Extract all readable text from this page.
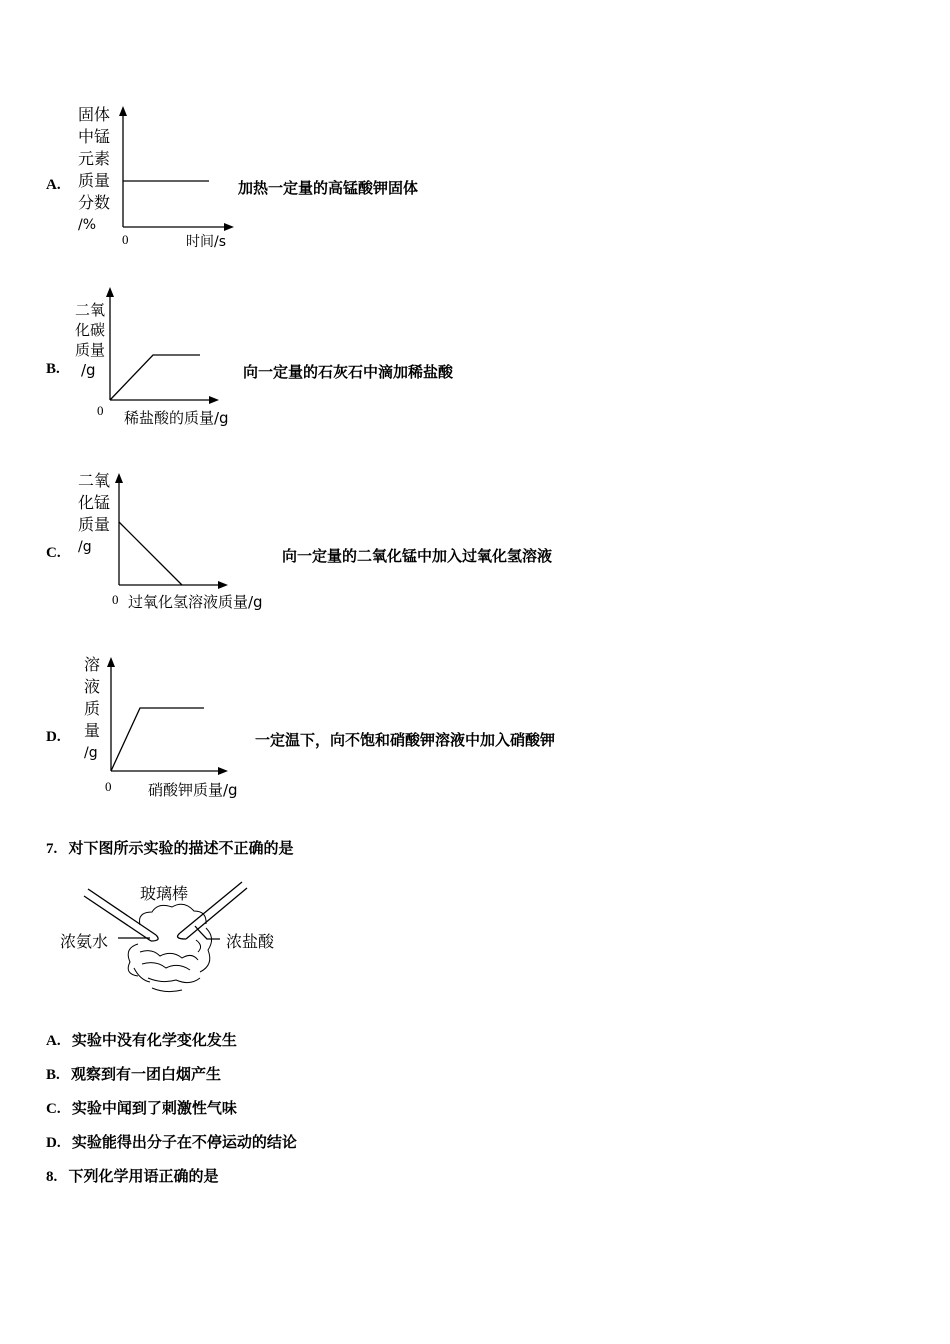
A.
固体
中锰
元素
质量
分数
/%
0	时间/s
加热一定量的高锰酸钾固体
B.
二氧
化碳
质量
/g
0 稀盐酸的质量/g
向一定量的石灰石中滴加稀盐酸
C.
二氧
化锰
质量
/g
0 过氧化氢溶液质量/g
向一定量的二氧化锰中加入过氧化氢溶液
D.
溶
液
质
量
/g
0 硝酸钾质量/g
一定温下，向不饱和硝酸钾溶液中加入硝酸钾
7. 对下图所示实验的描述不正确的是
玻璃棒
浓氨水	浓盐酸
A. 实验中没有化学变化发生
B. 观察到有一团白烟产生
C. 实验中闻到了刺激性气味
D. 实验能得出分子在不停运动的结论
8. 下列化学用语正确的是
